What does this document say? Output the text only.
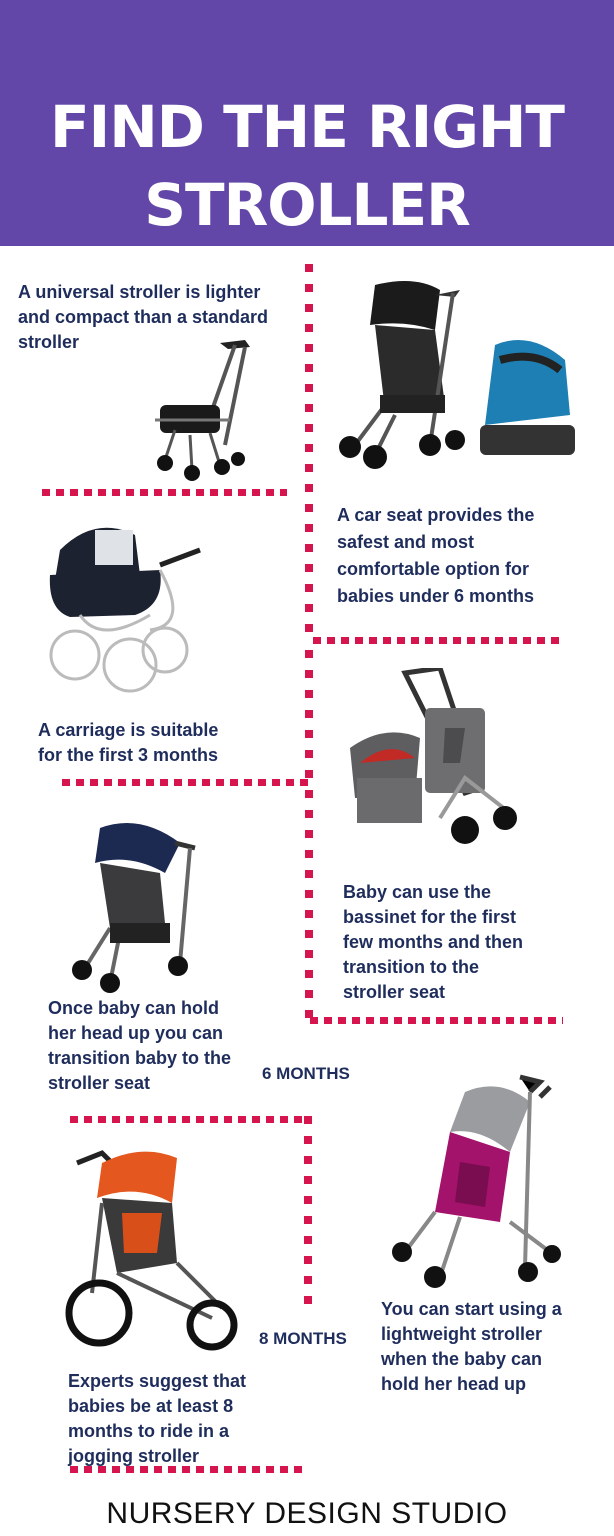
FIND THE RIGHT
STROLLER
A universal stroller is lighter and compact than a standard stroller
A car seat provides the safest and most comfortable option for babies under 6 months
A carriage is suitable for the first 3 months
Baby can use the bassinet for the first few months and then transition to the stroller seat
Once baby can hold her head up you can transition baby to the stroller seat	6 MONTHS
You can start using a lightweight stroller when the baby can hold her head up
8 MONTHS
Experts suggest that babies be at least 8 months to ride in a jogging stroller
NURSERY DESIGN STUDIO
